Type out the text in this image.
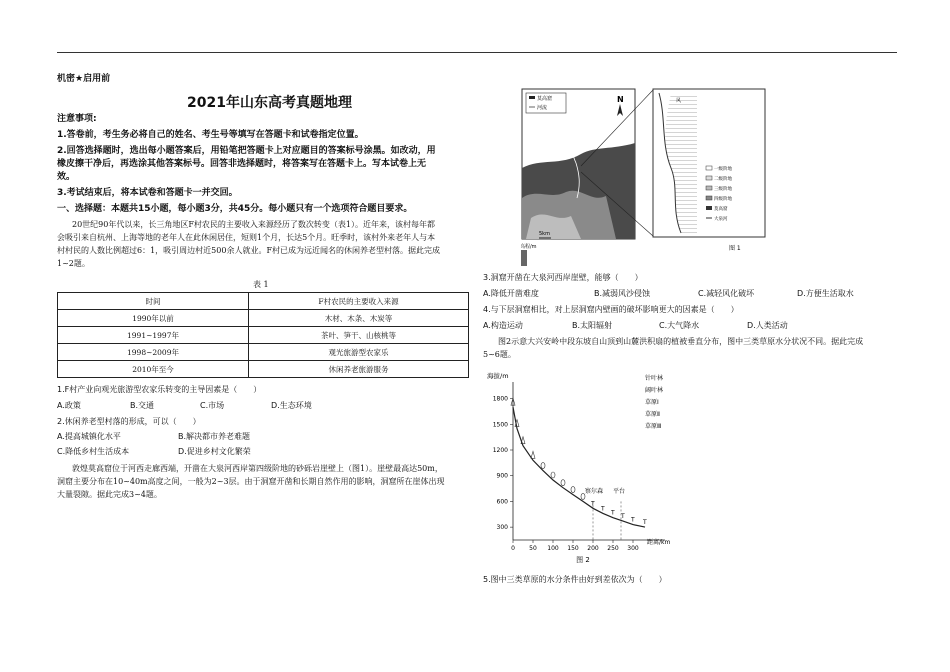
机密★启用前
2021年山东高考真题地理
注意事项:
1.答卷前，考生务必将自己的姓名、考生号等填写在答题卡和试卷指定位置。
2.回答选择题时，选出每小题答案后，用铅笔把答题卡上对应题目的答案标号涂黑。如改动，用
橡皮擦干净后，再选涂其他答案标号。回答非选择题时，将答案写在答题卡上。写本试卷上无
效。
3.考试结束后，将本试卷和答题卡一并交回。
一、选择题：本题共15小题，每小题3分，共45分。每小题只有一个选项符合题目要求。
20世纪90年代以来，长三角地区F村农民的主要收入来源经历了数次转变（表1）。近年来，该村每年都
会吸引来自杭州、上海等地的老年人在此休闲居住，短则1个月，长达5个月。旺季时，该村外来老年人与本
村村民的人数比例超过6：1，吸引周边村近500余人就业。F村已成为远近闻名的休闲养老型村落。据此完成
1~2题。
表 1
时间	F村农民的主要收入来源
1990年以前	木材、木条、木炭等
1991~1997年	茶叶、笋干、山核桃等
1998~2009年	观光旅游型农家乐
2010年至今	休闲养老旅游服务
1.F村产业向观光旅游型农家乐转变的主导因素是（　　）
A.政策	B.交通	C.市场	D.生态环境
2.休闲养老型村落的形成，可以（　　）
A.提高城镇化水平	B.解决都市养老难题
C.降低乡村生活成本	D.促进乡村文化繁荣
敦煌莫高窟位于河西走廊西端，开凿在大泉河西岸第四级阶地的砂砾岩崖壁上（图1）。崖壁最高达50m，
洞窟主要分布在10~40m高度之间，一般为2~3层。由于洞窟开凿和长期自然作用的影响，洞窟所在崖体出现
大量裂隙。据此完成3~4题。
莫高窟
河流
N
风
高程/m
5km
风
一级阶地
二级阶地
三级阶地
四级阶地
莫高窟
大泉河
图 1
3.洞窟开凿在大泉河西岸崖壁，能够（　　）
A.降低开凿难度	B.减弱风沙侵蚀	C.减轻风化破坏	D.方便生活取水
4.与下层洞窟相比，对上层洞窟内壁画的破坏影响更大的因素是（　　）
A.构造运动	B.太阳辐射	C.大气降水	D.人类活动
图2示意大兴安岭中段东坡自山顶到山麓洪积扇的植被垂直分布，图中三类草原水分状况不同。据此完成
5~6题。
海拔/m
距离/km
300
600
900
1200
1500
1800
0 50 100 150 200 250 300
T
T
T T T T
察尔森 平台
针叶林
阔叶林
草原Ⅰ
草原Ⅱ
草原Ⅲ
图 2
5.图中三类草原的水分条件由好到差依次为（　　）
